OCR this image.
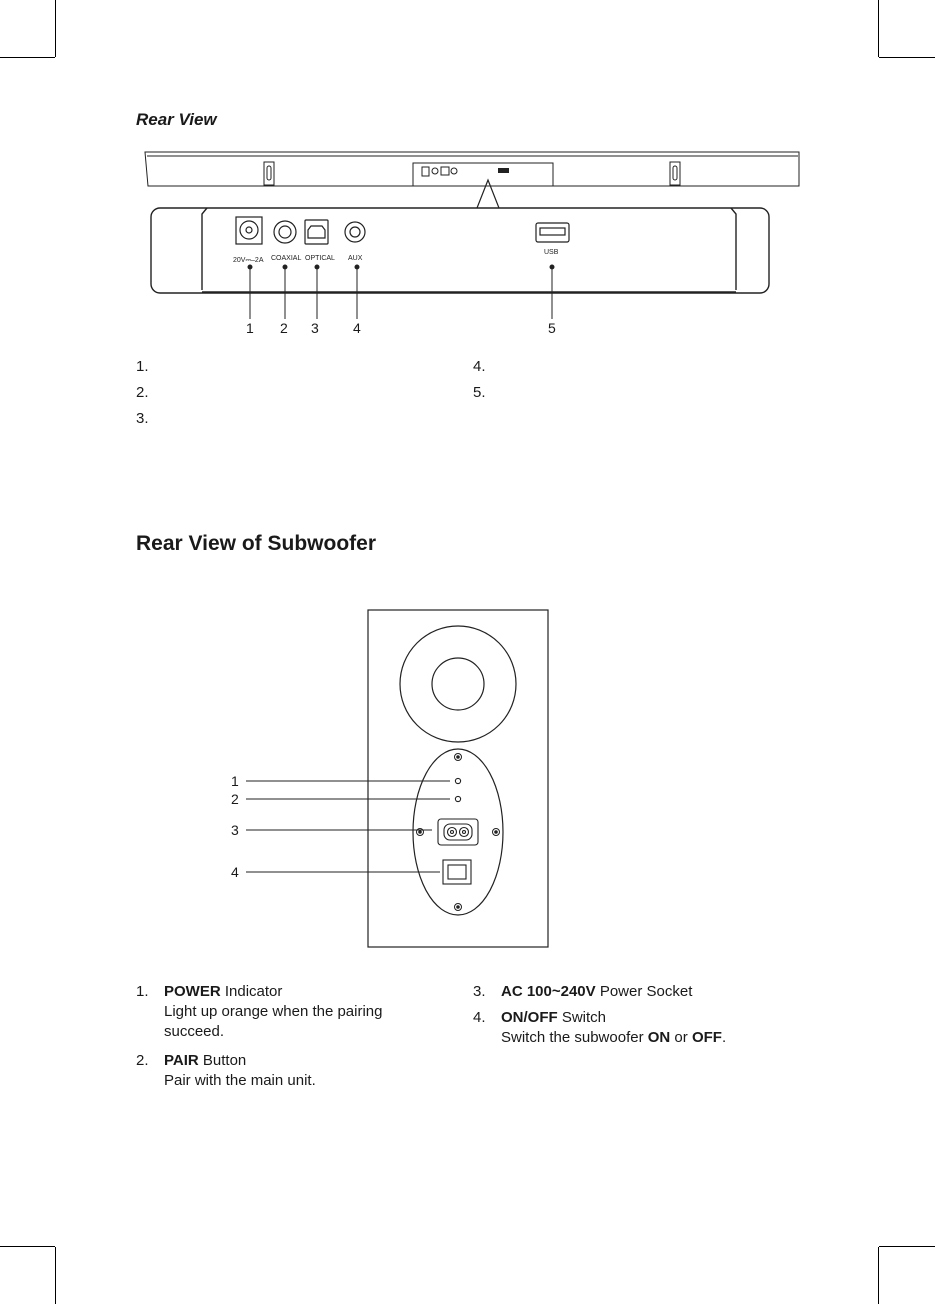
Rear View
20V⎓–2A COAXIAL OPTICAL AUX
USB
1 2 3 4	5
1.
2.
3.
4.
5.
Rear View of Subwoofer
1
2
3
4
1. POWER Indicator
Light up orange when the pairing succeed.
2. PAIR Button
Pair with the main unit.
3. AC 100~240V Power Socket
4. ON/OFF Switch
Switch the subwoofer ON or OFF.
